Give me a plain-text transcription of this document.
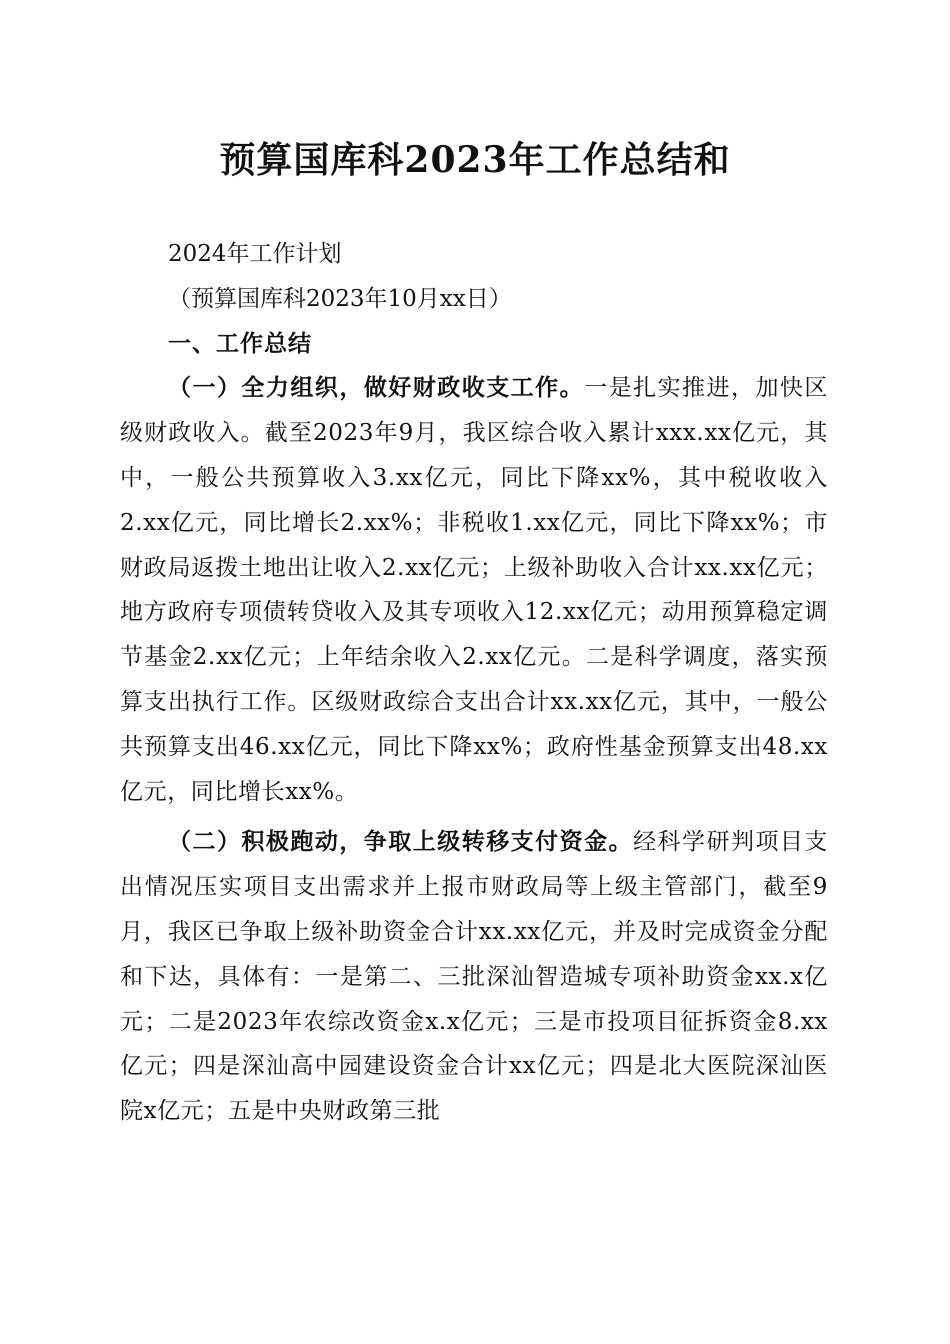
预算国库科2023年工作总结和

2024年工作计划

（预算国库科2023年10月xx日）

一、工作总结

（一）全力组织，做好财政收支工作。一是扎实推进，加快区级财政收入。截至2023年9月，我区综合收入累计xxx.xx亿元，其中，一般公共预算收入3.xx亿元，同比下降xx%，其中税收收入2.xx亿元，同比增长2.xx%；非税收1.xx亿元，同比下降xx%；市财政局返拨土地出让收入2.xx亿元；上级补助收入合计xx.xx亿元；地方政府专项债转贷收入及其专项收入12.xx亿元；动用预算稳定调节基金2.xx亿元；上年结余收入2.xx亿元。二是科学调度，落实预算支出执行工作。区级财政综合支出合计xx.xx亿元，其中，一般公共预算支出46.xx亿元，同比下降xx%；政府性基金预算支出48.xx亿元，同比增长xx%。

（二）积极跑动，争取上级转移支付资金。经科学研判项目支出情况压实项目支出需求并上报市财政局等上级主管部门，截至9月，我区已争取上级补助资金合计xx.xx亿元，并及时完成资金分配和下达，具体有：一是第二、三批深汕智造城专项补助资金xx.x亿元；二是2023年农综改资金x.x亿元；三是市投项目征拆资金8.xx亿元；四是深汕高中园建设资金合计xx亿元；四是北大医院深汕医院x亿元；五是中央财政第三批
